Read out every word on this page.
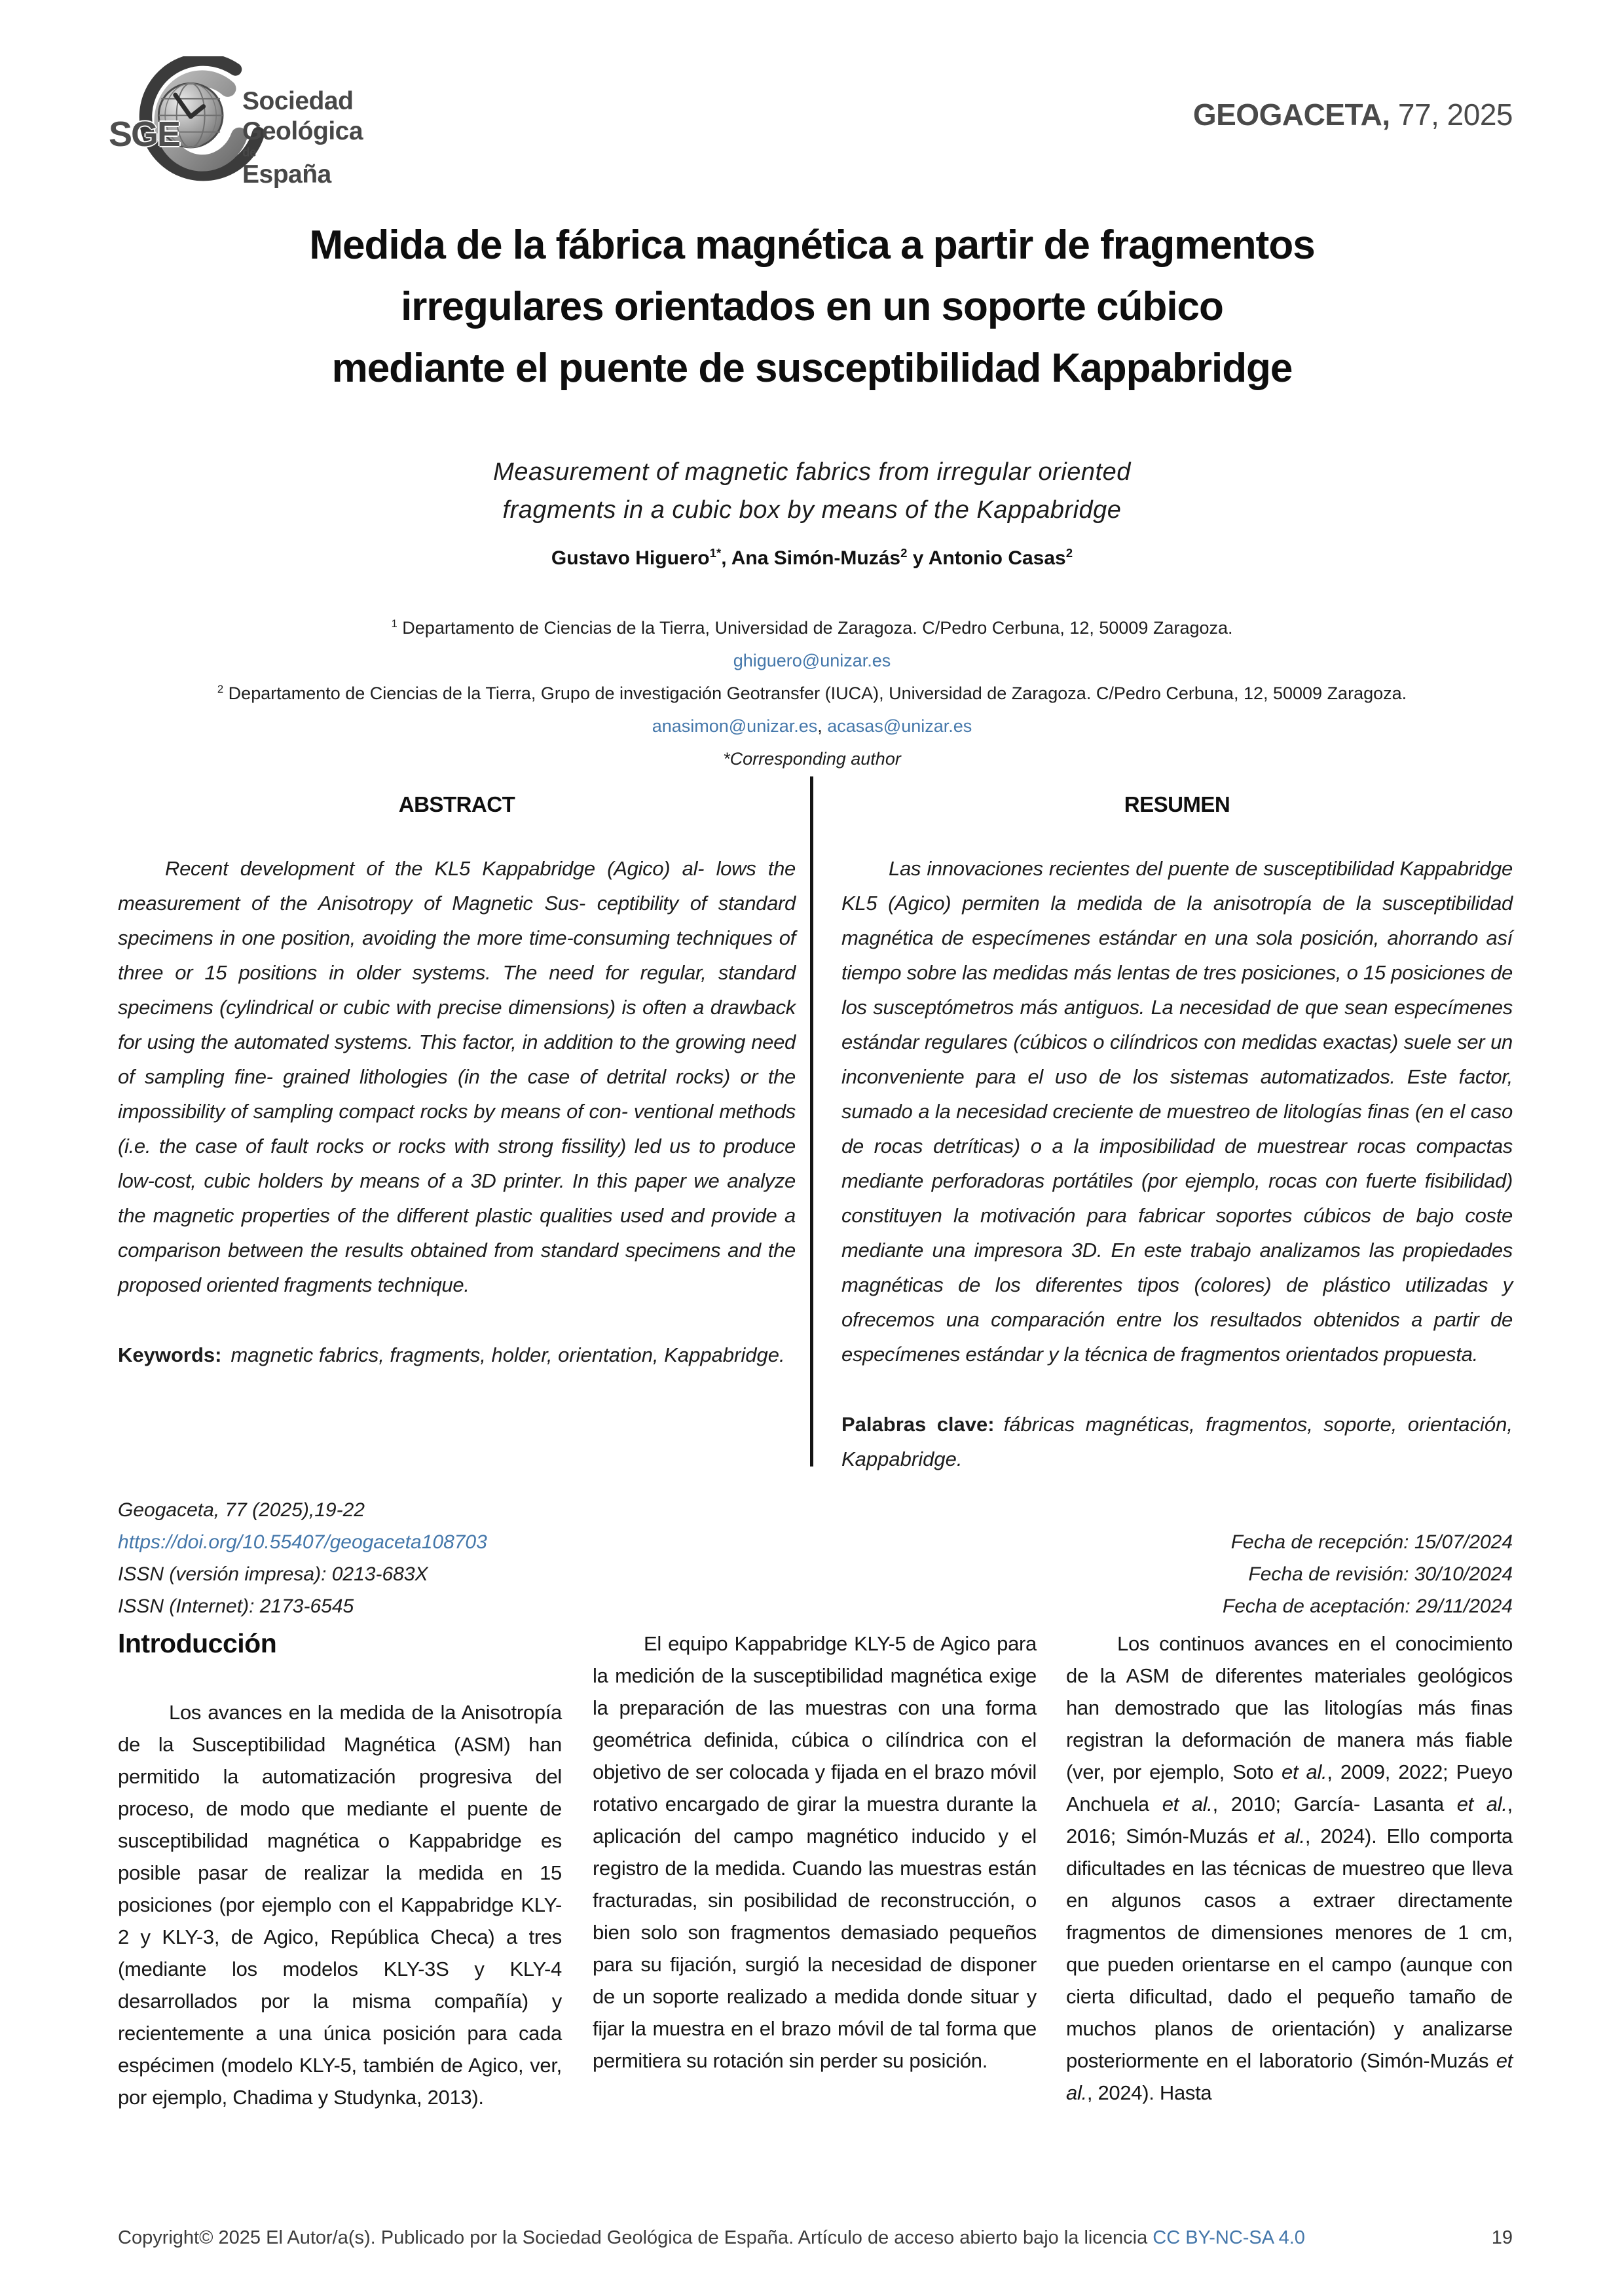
SGE
Sociedad
Geológica
de
España
GEOGACETA, 77, 2025
Medida de la fábrica magnética a partir de fragmentos irregulares orientados en un soporte cúbico mediante el puente de susceptibilidad Kappabridge
Measurement of magnetic fabrics from irregular oriented fragments in a cubic box by means of the Kappabridge
Gustavo Higuero$^{1*}$, Ana Simón-Muzás$^2$ y Antonio Casas$^2$
$^1$ Departamento de Ciencias de la Tierra, Universidad de Zaragoza. C/Pedro Cerbuna, 12, 50009 Zaragoza.
ghiguero@unizar.es
$^2$ Departamento de Ciencias de la Tierra, Grupo de investigación Geotransfer (IUCA), Universidad de Zaragoza. C/Pedro Cerbuna, 12, 50009 Zaragoza.
anasimon@unizar.es, acasas@unizar.es
*Corresponding author
ABSTRACT

Recent development of the KL5 Kappabridge (Agico) al- lows the measurement of the Anisotropy of Magnetic Sus- ceptibility of standard specimens in one position, avoiding the more time-consuming techniques of three or 15 positions in older systems. The need for regular, standard specimens (cylindrical or cubic with precise dimensions) is often a drawback for using the automated systems. This factor, in addition to the growing need of sampling fine- grained lithologies (in the case of detrital rocks) or the impossibility of sampling compact rocks by means of con- ventional methods (i.e. the case of fault rocks or rocks with strong fissility) led us to produce low-cost, cubic holders by means of a 3D printer. In this paper we analyze the magnetic properties of the different plastic qualities used and provide a comparison between the results obtained from standard specimens and the proposed oriented fragments technique.

Keywords: magnetic fabrics, fragments, holder, orientation, Kappabridge.
RESUMEN

Las innovaciones recientes del puente de susceptibilidad Kappabridge KL5 (Agico) permiten la medida de la anisotropía de la susceptibilidad magnética de especímenes estándar en una sola posición, ahorrando así tiempo sobre las medidas más lentas de tres posiciones, o 15 posiciones de los susceptómetros más antiguos. La necesidad de que sean especímenes estándar regulares (cúbicos o cilíndricos con medidas exactas) suele ser un inconveniente para el uso de los sistemas automatizados. Este factor, sumado a la necesidad creciente de muestreo de litologías finas (en el caso de rocas detríticas) o a la imposibilidad de muestrear rocas compactas mediante perforadoras portátiles (por ejemplo, rocas con fuerte fisibilidad) constituyen la motivación para fabricar soportes cúbicos de bajo coste mediante una impresora 3D. En este trabajo analizamos las propiedades magnéticas de los diferentes tipos (colores) de plástico utilizadas y ofrecemos una comparación entre los resultados obtenidos a partir de especímenes estándar y la técnica de fragmentos orientados propuesta.

Palabras clave: fábricas magnéticas, fragmentos, soporte, orientación, Kappabridge.
Geogaceta, 77 (2025),19-22
https://doi.org/10.55407/geogaceta108703
ISSN (versión impresa): 0213-683X
ISSN (Internet): 2173-6545
Fecha de recepción: 15/07/2024
Fecha de revisión: 30/10/2024
Fecha de aceptación: 29/11/2024
Introducción

Los avances en la medida de la Anisotropía de la Susceptibilidad Magnética (ASM) han permitido la automatización progresiva del proceso, de modo que mediante el puente de susceptibilidad magnética o Kappabridge es posible pasar de realizar la medida en 15 posiciones (por ejemplo con el Kappabridge KLY-2 y KLY-3, de Agico, República Checa) a tres (mediante los modelos KLY-3S y KLY-4 desarrollados por la misma compañía) y recientemente a una única posición para cada espécimen (modelo KLY-5, también de Agico, ver, por ejemplo, Chadima y Studynka, 2013).

El equipo Kappabridge KLY-5 de Agico para la medición de la susceptibilidad magnética exige la preparación de las muestras con una forma geométrica definida, cúbica o cilíndrica con el objetivo de ser colocada y fijada en el brazo móvil rotativo encargado de girar la muestra durante la aplicación del campo magnético inducido y el registro de la medida. Cuando las muestras están fracturadas, sin posibilidad de reconstrucción, o bien solo son fragmentos demasiado pequeños para su fijación, surgió la necesidad de disponer de un soporte realizado a medida donde situar y fijar la muestra en el brazo móvil de tal forma que permitiera su rotación sin perder su posición.

Los continuos avances en el conocimiento de la ASM de diferentes materiales geológicos han demostrado que las litologías más finas registran la deformación de manera más fiable (ver, por ejemplo, Soto et al., 2009, 2022; Pueyo Anchuela et al., 2010; García- Lasanta et al., 2016; Simón-Muzás et al., 2024). Ello comporta dificultades en las técnicas de muestreo que lleva en algunos casos a extraer directamente fragmentos de dimensiones menores de 1 cm, que pueden orientarse en el campo (aunque con cierta dificultad, dado el pequeño tamaño de muchos planos de orientación) y analizarse posteriormente en el laboratorio (Simón-Muzás et al., 2024). Hasta

Copyright© 2025 El Autor/a(s). Publicado por la Sociedad Geológica de España. Artículo de acceso abierto bajo la licencia CC BY-NC-SA 4.0	19
